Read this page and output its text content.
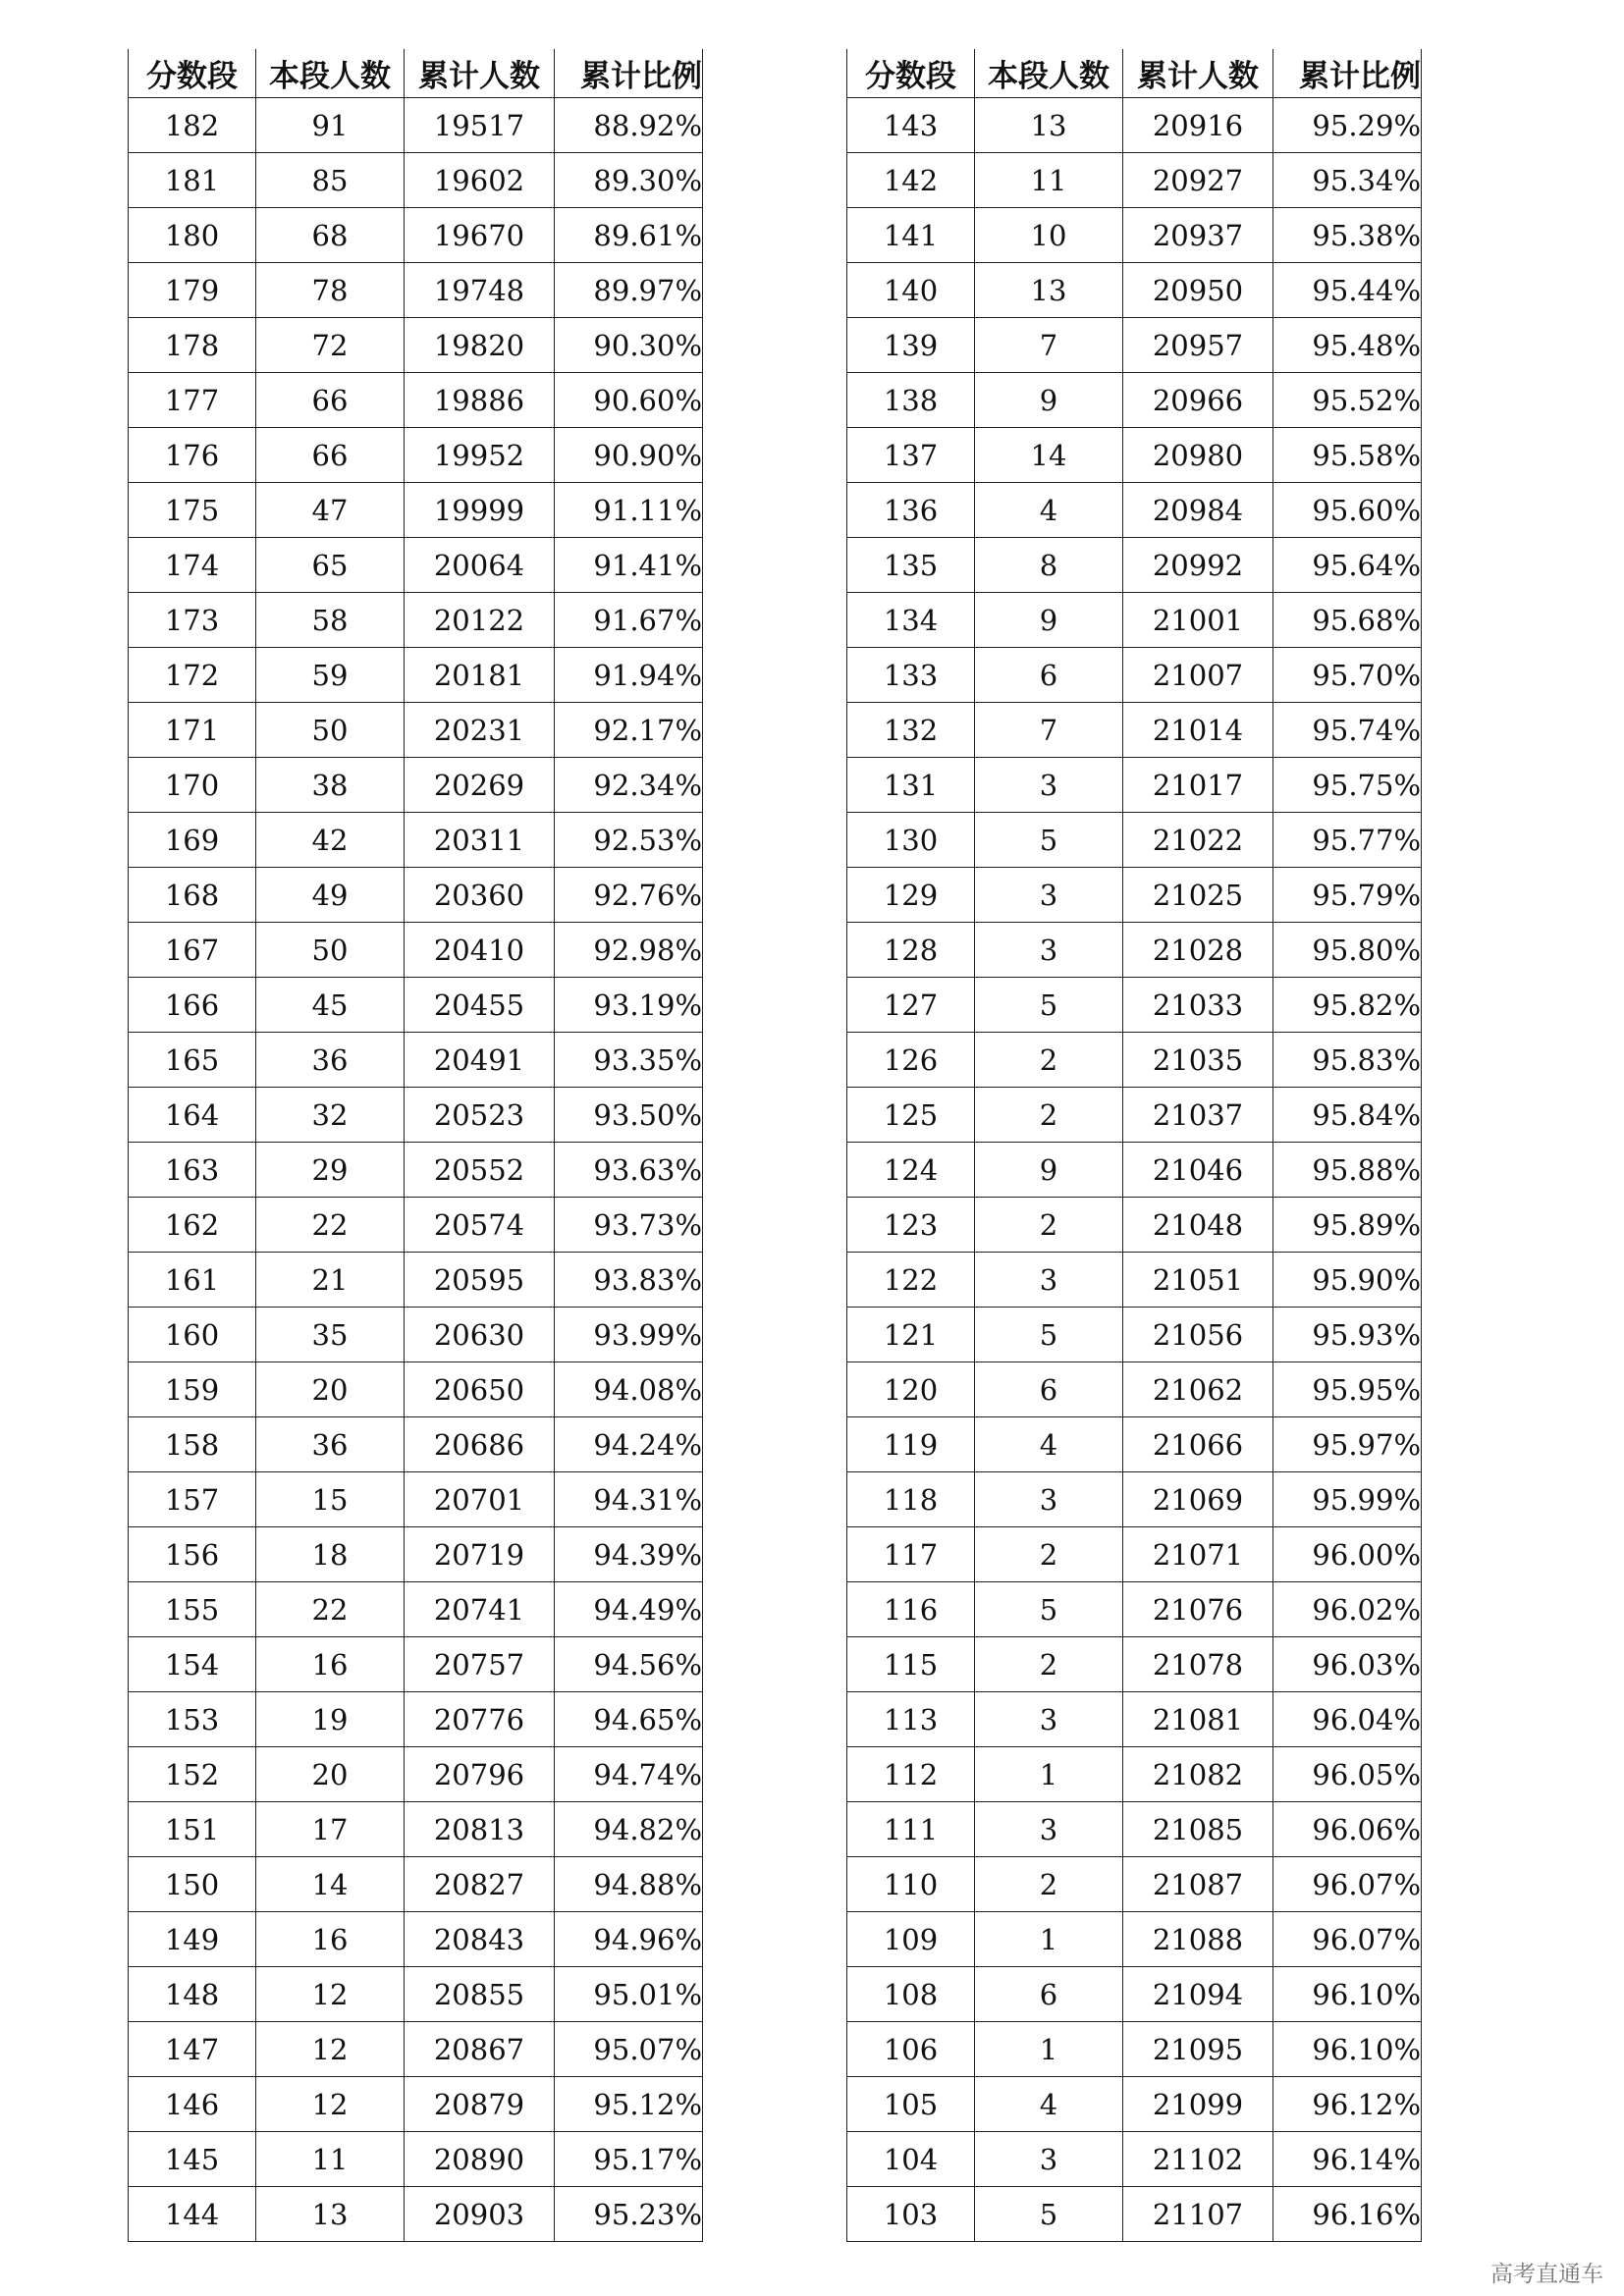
分数段	本段人数	累计人数	累计比例
182	91	19517	88.92%
181	85	19602	89.30%
180	68	19670	89.61%
179	78	19748	89.97%
178	72	19820	90.30%
177	66	19886	90.60%
176	66	19952	90.90%
175	47	19999	91.11%
174	65	20064	91.41%
173	58	20122	91.67%
172	59	20181	91.94%
171	50	20231	92.17%
170	38	20269	92.34%
169	42	20311	92.53%
168	49	20360	92.76%
167	50	20410	92.98%
166	45	20455	93.19%
165	36	20491	93.35%
164	32	20523	93.50%
163	29	20552	93.63%
162	22	20574	93.73%
161	21	20595	93.83%
160	35	20630	93.99%
159	20	20650	94.08%
158	36	20686	94.24%
157	15	20701	94.31%
156	18	20719	94.39%
155	22	20741	94.49%
154	16	20757	94.56%
153	19	20776	94.65%
152	20	20796	94.74%
151	17	20813	94.82%
150	14	20827	94.88%
149	16	20843	94.96%
148	12	20855	95.01%
147	12	20867	95.07%
146	12	20879	95.12%
145	11	20890	95.17%
144	13	20903	95.23%
分数段	本段人数	累计人数	累计比例
143	13	20916	95.29%
142	11	20927	95.34%
141	10	20937	95.38%
140	13	20950	95.44%
139	7	20957	95.48%
138	9	20966	95.52%
137	14	20980	95.58%
136	4	20984	95.60%
135	8	20992	95.64%
134	9	21001	95.68%
133	6	21007	95.70%
132	7	21014	95.74%
131	3	21017	95.75%
130	5	21022	95.77%
129	3	21025	95.79%
128	3	21028	95.80%
127	5	21033	95.82%
126	2	21035	95.83%
125	2	21037	95.84%
124	9	21046	95.88%
123	2	21048	95.89%
122	3	21051	95.90%
121	5	21056	95.93%
120	6	21062	95.95%
119	4	21066	95.97%
118	3	21069	95.99%
117	2	21071	96.00%
116	5	21076	96.02%
115	2	21078	96.03%
113	3	21081	96.04%
112	1	21082	96.05%
111	3	21085	96.06%
110	2	21087	96.07%
109	1	21088	96.07%
108	6	21094	96.10%
106	1	21095	96.10%
105	4	21099	96.12%
104	3	21102	96.14%
103	5	21107	96.16%
高考直通车
